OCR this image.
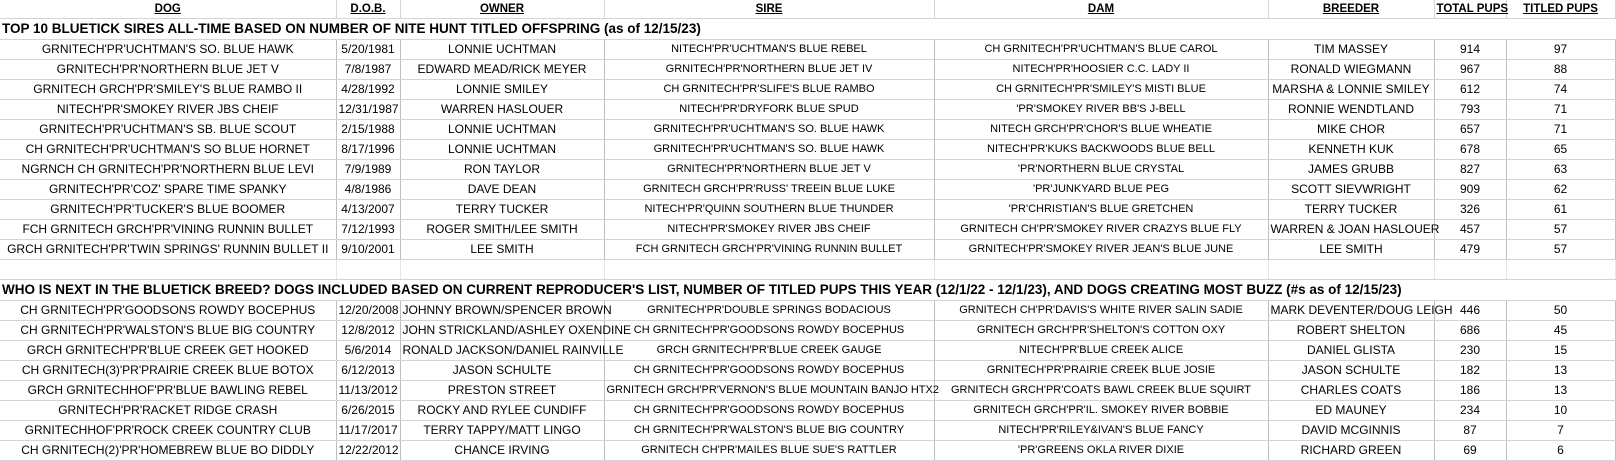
DOG	D.O.B.	OWNER	SIRE	DAM	BREEDER	TOTAL PUPS	TITLED PUPS
TOP 10 BLUETICK SIRES ALL-TIME BASED ON NUMBER OF NITE HUNT TITLED OFFSPRING (as of 12/15/23)							
GRNITECH'PR'UCHTMAN'S SO. BLUE HAWK	5/20/1981	LONNIE UCHTMAN	NITECH'PR'UCHTMAN'S BLUE REBEL	CH GRNITECH'PR'UCHTMAN'S BLUE CAROL	TIM MASSEY	914	97
GRNITECH'PR'NORTHERN BLUE JET V	7/8/1987	EDWARD MEAD/RICK MEYER	GRNITECH'PR'NORTHERN BLUE JET IV	NITECH'PR'HOOSIER C.C. LADY II	RONALD WIEGMANN	967	88
GRNITECH GRCH'PR'SMILEY'S BLUE RAMBO II	4/28/1992	LONNIE SMILEY	CH GRNITECH'PR'SLIFE'S BLUE RAMBO	CH GRNITECH'PR'SMILEY'S MISTI BLUE	MARSHA & LONNIE SMILEY	612	74
NITECH'PR'SMOKEY RIVER JBS CHEIF	12/31/1987	WARREN HASLOUER	NITECH'PR'DRYFORK BLUE SPUD	'PR'SMOKEY RIVER BB'S J-BELL	RONNIE WENDTLAND	793	71
GRNITECH'PR'UCHTMAN'S SB. BLUE SCOUT	2/15/1988	LONNIE UCHTMAN	GRNITECH'PR'UCHTMAN'S SO. BLUE HAWK	NITECH GRCH'PR'CHOR'S BLUE WHEATIE	MIKE CHOR	657	71
CH GRNITECH'PR'UCHTMAN'S SO BLUE HORNET	8/17/1996	LONNIE UCHTMAN	GRNITECH'PR'UCHTMAN'S SO. BLUE HAWK	NITECH'PR'KUKS BACKWOODS BLUE BELL	KENNETH KUK	678	65
NGRNCH CH GRNITECH'PR'NORTHERN BLUE LEVI	7/9/1989	RON TAYLOR	GRNITECH'PR'NORTHERN BLUE JET V	'PR'NORTHERN BLUE CRYSTAL	JAMES GRUBB	827	63
GRNITECH'PR'COZ' SPARE TIME SPANKY	4/8/1986	DAVE DEAN	GRNITECH GRCH'PR'RUSS' TREEIN BLUE LUKE	'PR'JUNKYARD BLUE PEG	SCOTT SIEVWRIGHT	909	62
GRNITECH'PR'TUCKER'S BLUE BOOMER	4/13/2007	TERRY TUCKER	NITECH'PR'QUINN SOUTHERN BLUE THUNDER	'PR'CHRISTIAN'S BLUE GRETCHEN	TERRY TUCKER	326	61
FCH GRNITECH GRCH'PR'VINING RUNNIN BULLET	7/12/1993	ROGER SMITH/LEE SMITH	NITECH'PR'SMOKEY RIVER JBS CHEIF	GRNITECH CH'PR'SMOKEY RIVER CRAZYS BLUE FLY	WARREN & JOAN HASLOUER	457	57
GRCH GRNITECH'PR'TWIN SPRINGS' RUNNIN BULLET II	9/10/2001	LEE SMITH	FCH GRNITECH GRCH'PR'VINING RUNNIN BULLET	GRNITECH'PR'SMOKEY RIVER JEAN'S BLUE JUNE	LEE SMITH	479	57

WHO IS NEXT IN THE BLUETICK BREED? DOGS INCLUDED BASED ON CURRENT REPRODUCER'S LIST, NUMBER OF TITLED PUPS THIS YEAR (12/1/22 - 12/1/23), AND DOGS CREATING MOST BUZZ (#s as of 12/15/23)							
CH GRNITECH'PR'GOODSONS ROWDY BOCEPHUS	12/20/2008	JOHNNY BROWN/SPENCER BROWN	GRNITECH'PR'DOUBLE SPRINGS BODACIOUS	GRNITECH CH'PR'DAVIS'S WHITE RIVER SALIN SADIE	MARK DEVENTER/DOUG LEIGH	446	50
CH GRNITECH'PR'WALSTON'S BLUE BIG COUNTRY	12/8/2012	JOHN STRICKLAND/ASHLEY OXENDINE	CH GRNITECH'PR'GOODSONS ROWDY BOCEPHUS	GRNITECH GRCH'PR'SHELTON'S COTTON OXY	ROBERT SHELTON	686	45
GRCH GRNITECH'PR'BLUE CREEK GET HOOKED	5/6/2014	RONALD JACKSON/DANIEL RAINVILLE	GRCH GRNITECH'PR'BLUE CREEK GAUGE	NITECH'PR'BLUE CREEK ALICE	DANIEL GLISTA	230	15
CH GRNITECH(3)'PR'PRAIRIE CREEK BLUE BOTOX	6/12/2013	JASON SCHULTE	CH GRNITECH'PR'GOODSONS ROWDY BOCEPHUS	GRNITECH'PR'PRAIRIE CREEK BLUE JOSIE	JASON SCHULTE	182	13
GRCH GRNITECHHOF'PR'BLUE BAWLING REBEL	11/13/2012	PRESTON STREET	GRNITECH GRCH'PR'VERNON'S BLUE MOUNTAIN BANJO HTX2	GRNITECH GRCH'PR'COATS BAWL CREEK BLUE SQUIRT	CHARLES COATS	186	13
GRNITECH'PR'RACKET RIDGE CRASH	6/26/2015	ROCKY AND RYLEE CUNDIFF	CH GRNITECH'PR'GOODSONS ROWDY BOCEPHUS	GRNITECH GRCH'PR'IL. SMOKEY RIVER BOBBIE	ED MAUNEY	234	10
GRNITECHHOF'PR'ROCK CREEK COUNTRY CLUB	11/17/2017	TERRY TAPPY/MATT LINGO	CH GRNITECH'PR'WALSTON'S BLUE BIG COUNTRY	NITECH'PR'RILEY&IVAN'S BLUE FANCY	DAVID MCGINNIS	87	7
CH GRNITECH(2)'PR'HOMEBREW BLUE BO DIDDLY	12/22/2012	CHANCE IRVING	GRNITECH CH'PR'MAILES BLUE SUE'S RATTLER	'PR'GREENS OKLA RIVER DIXIE	RICHARD GREEN	69	6
